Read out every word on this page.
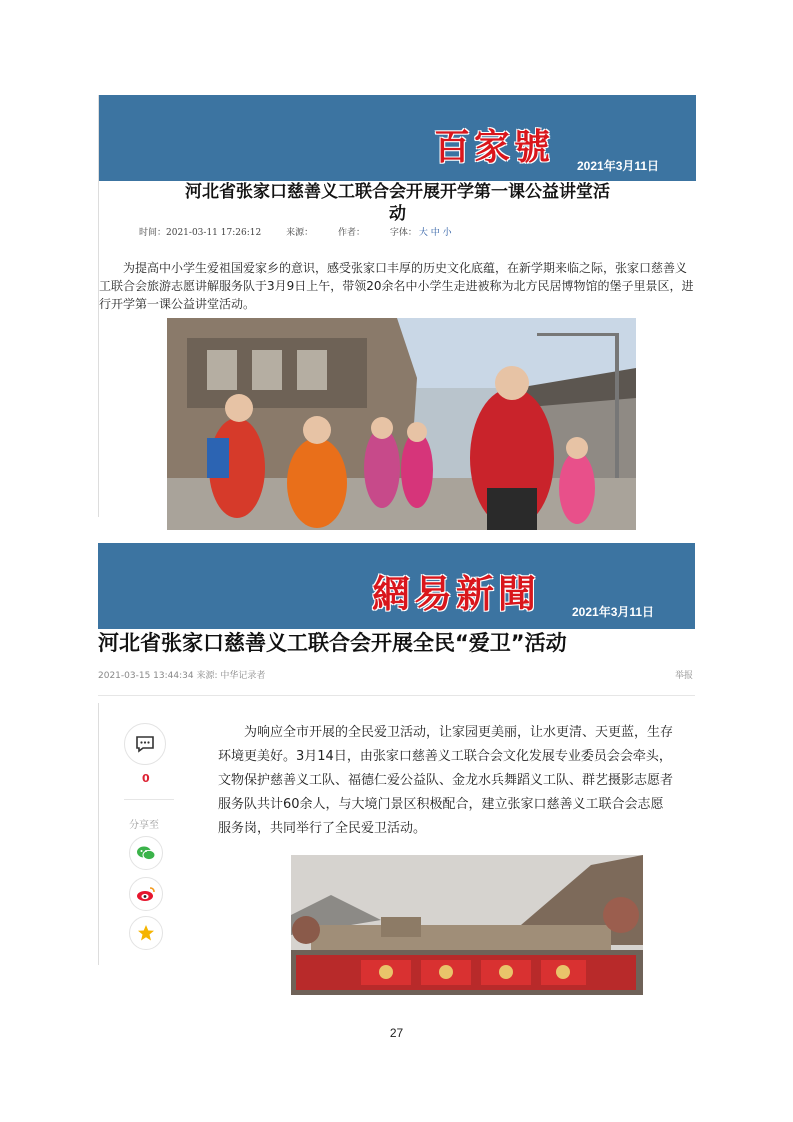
百家號 2021年3月11日
河北省张家口慈善义工联合会开展开学第一课公益讲堂活
动
时间：2021-03-11 17:26:12	来源：	作者：	字体： 大 中 小
为提高中小学生爱祖国爱家乡的意识，感受张家口丰厚的历史文化底蕴，在新学期来临之际，张家口慈善义工联合会旅游志愿讲解服务队于3月9日上午，带领20余名中小学生走进被称为北方民居博物馆的堡子里景区，进行开学第一课公益讲堂活动。
網易新聞	2021年3月11日
河北省张家口慈善义工联合会开展全民“爱卫”活动
2021-03-15 13:44:34 来源: 中华记录者	举报
0
分享至
为响应全市开展的全民爱卫活动，让家园更美丽，让水更清、天更蓝，生存环境更美好。3月14日，由张家口慈善义工联合会文化发展专业委员会会牵头，文物保护慈善义工队、福德仁爱公益队、金龙水兵舞蹈义工队、群艺摄影志愿者服务队共计60余人，与大境门景区积极配合，建立张家口慈善义工联合会志愿服务岗，共同举行了全民爱卫活动。
27
